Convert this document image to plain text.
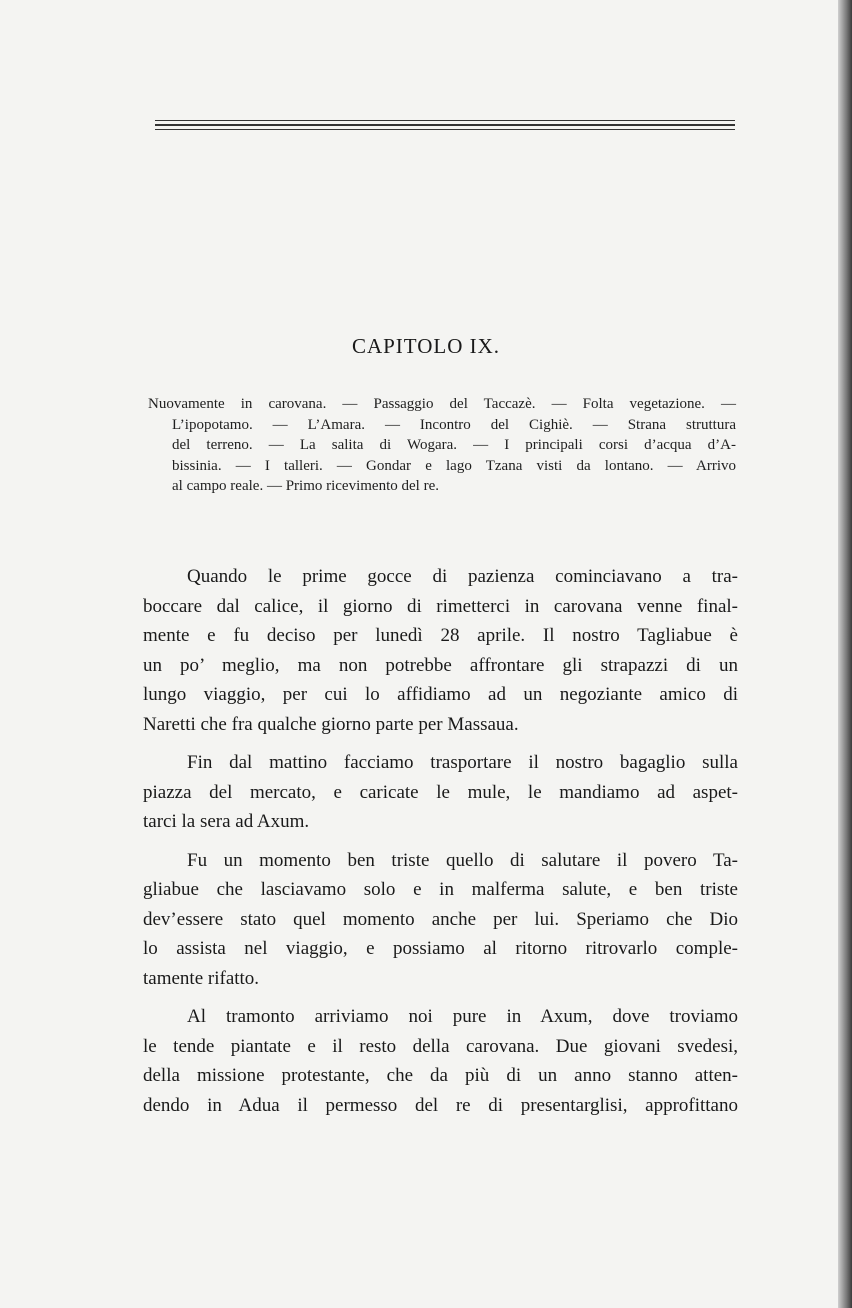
CAPITOLO IX.
Nuovamente in carovana. — Passaggio del Taccazè. — Folta vegetazione. —
L’ipopotamo. — L’Amara. — Incontro del Cighiè. — Strana struttura
del terreno. — La salita di Wogara. — I principali corsi d’acqua d’A-
bissinia. — I talleri. — Gondar e lago Tzana visti da lontano. — Arrivo
al campo reale. — Primo ricevimento del re.
Quando le prime gocce di pazienza cominciavano a tra-
boccare dal calice, il giorno di rimetterci in carovana venne final-
mente e fu deciso per lunedì 28 aprile. Il nostro Tagliabue è
un po’ meglio, ma non potrebbe affrontare gli strapazzi di un
lungo viaggio, per cui lo affidiamo ad un negoziante amico di
Naretti che fra qualche giorno parte per Massaua.
Fin dal mattino facciamo trasportare il nostro bagaglio sulla
piazza del mercato, e caricate le mule, le mandiamo ad aspet-
tarci la sera ad Axum.
Fu un momento ben triste quello di salutare il povero Ta-
gliabue che lasciavamo solo e in malferma salute, e ben triste
dev’essere stato quel momento anche per lui. Speriamo che Dio
lo assista nel viaggio, e possiamo al ritorno ritrovarlo comple-
tamente rifatto.
Al tramonto arriviamo noi pure in Axum, dove troviamo
le tende piantate e il resto della carovana. Due giovani svedesi,
della missione protestante, che da più di un anno stanno atten-
dendo in Adua il permesso del re di presentarglisi, approfittano
